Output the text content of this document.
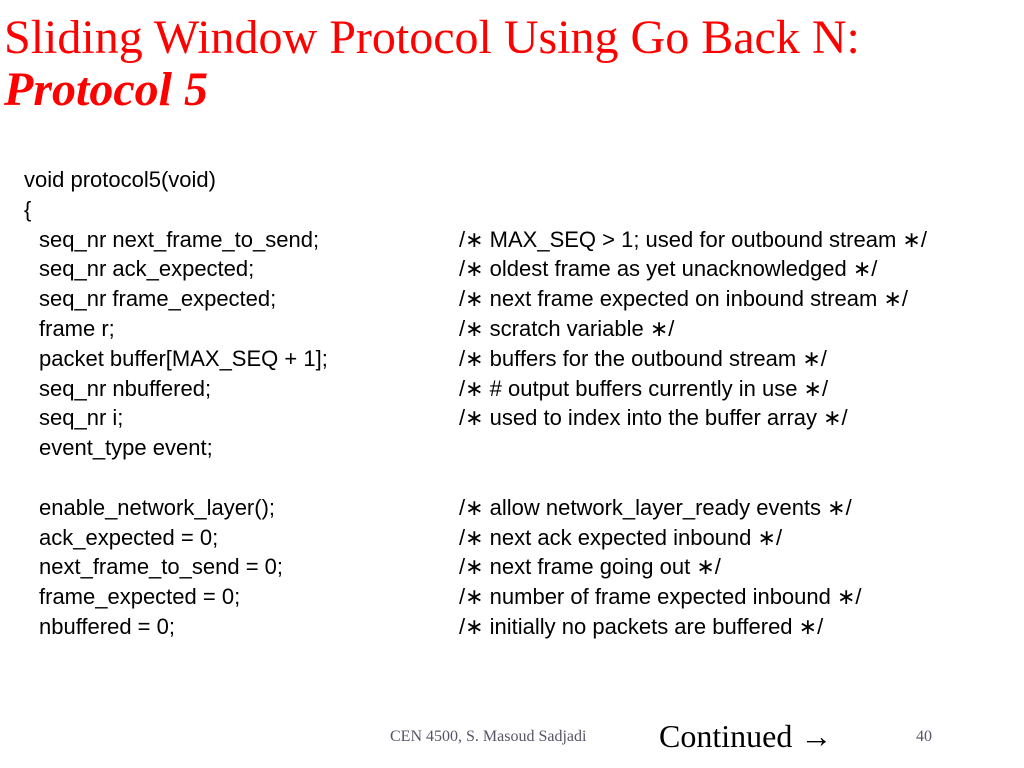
Sliding Window Protocol Using Go Back N:
Protocol 5
void protocol5(void)
{
seq_nr next_frame_to_send;	/∗ MAX_SEQ > 1; used for outbound stream ∗/
seq_nr ack_expected;	/∗ oldest frame as yet unacknowledged ∗/
seq_nr frame_expected;	/∗ next frame expected on inbound stream ∗/
frame r;	/∗ scratch variable ∗/
packet buffer[MAX_SEQ + 1];	/∗ buffers for the outbound stream ∗/
seq_nr nbuffered;	/∗ # output buffers currently in use ∗/
seq_nr i;	/∗ used to index into the buffer array ∗/
event_type event;
enable_network_layer();	/∗ allow network_layer_ready events ∗/
ack_expected = 0;	/∗ next ack expected inbound ∗/
next_frame_to_send = 0;	/∗ next frame going out ∗/
frame_expected = 0;	/∗ number of frame expected inbound ∗/
nbuffered = 0;	/∗ initially no packets are buffered ∗/
CEN 4500, S. Masoud Sadjadi Continued →	40
